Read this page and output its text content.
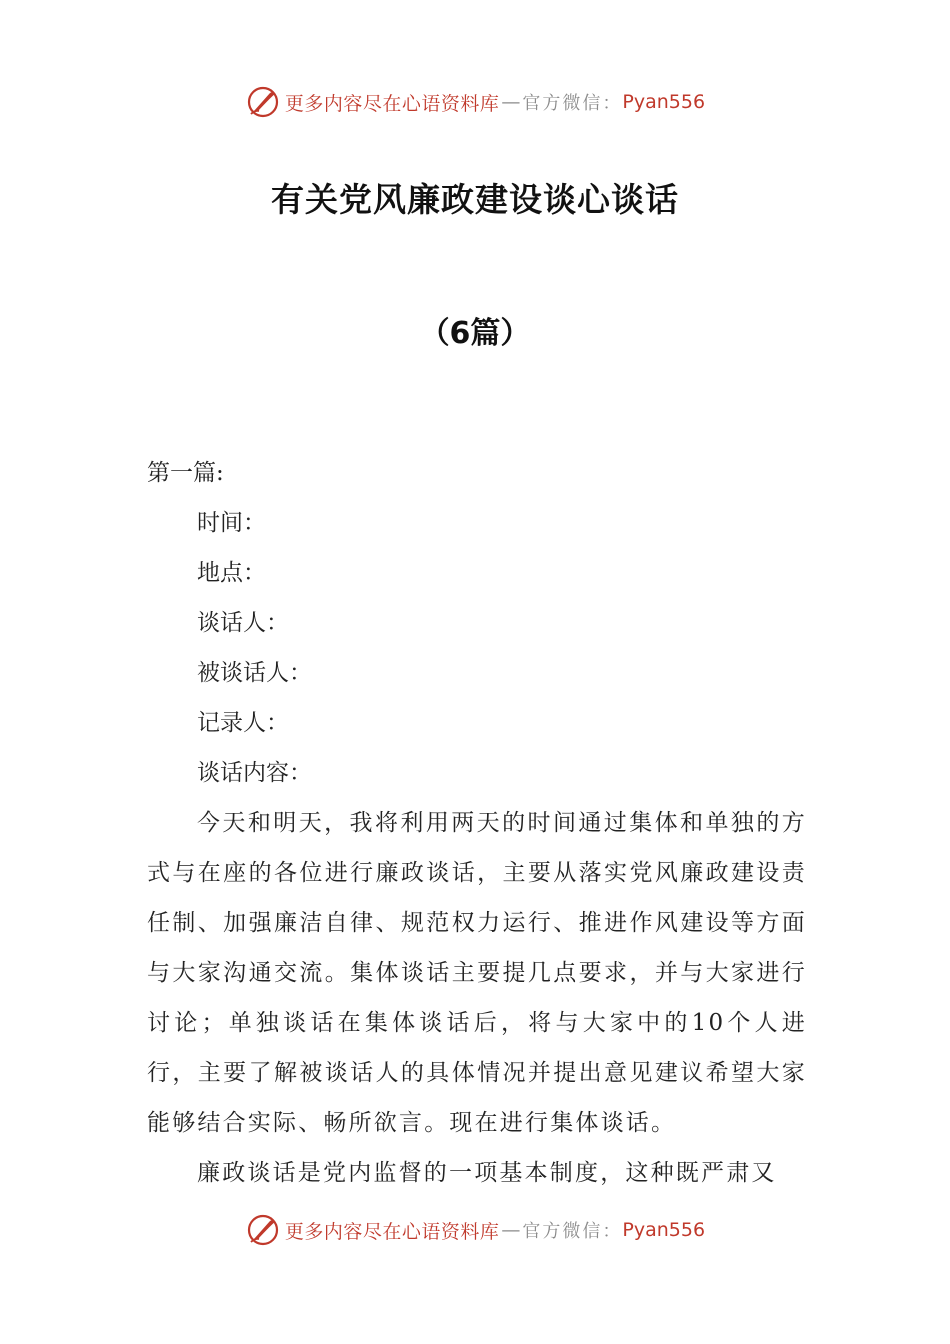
更多内容尽在心语资料库 — 官方微信： Pyan556
有关党风廉政建设谈心谈话
（6篇）

第一篇:

时间：

地点：

谈话人：

被谈话人：

记录人：

谈话内容：

今天和明天，我将利用两天的时间通过集体和单独的方式与在座的各位进行廉政谈话，主要从落实党风廉政建设责任制、加强廉洁自律、规范权力运行、推进作风建设等方面与大家沟通交流。集体谈话主要提几点要求，并与大家进行讨论；单独谈话在集体谈话后，将与大家中的10个人进行，主要了解被谈话人的具体情况并提出意见建议希望大家能够结合实际、畅所欲言。现在进行集体谈话。

廉政谈话是党内监督的一项基本制度，这种既严肃又

更多内容尽在心语资料库 — 官方微信： Pyan556
